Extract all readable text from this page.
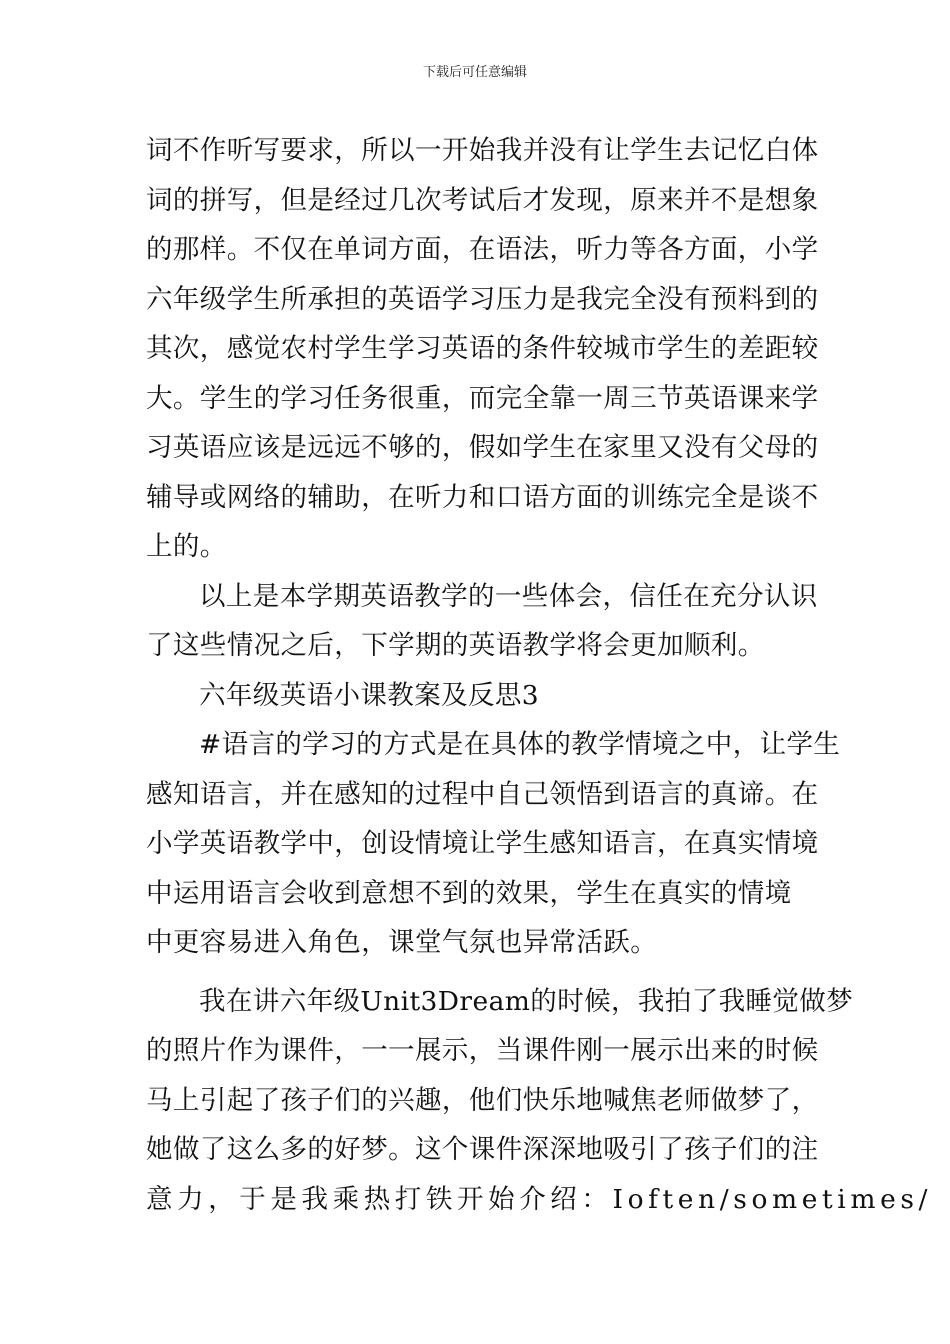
下载后可任意编辑
词不作听写要求，所以一开始我并没有让学生去记忆白体
词的拼写，但是经过几次考试后才发现，原来并不是想象
的那样。不仅在单词方面，在语法，听力等各方面，小学
六年级学生所承担的英语学习压力是我完全没有预料到的
其次，感觉农村学生学习英语的条件较城市学生的差距较
大。学生的学习任务很重，而完全靠一周三节英语课来学
习英语应该是远远不够的，假如学生在家里又没有父母的
辅导或网络的辅助，在听力和口语方面的训练完全是谈不
上的。
以上是本学期英语教学的一些体会，信任在充分认识
了这些情况之后，下学期的英语教学将会更加顺利。
六年级英语小课教案及反思3
#语言的学习的方式是在具体的教学情境之中，让学生
感知语言，并在感知的过程中自己领悟到语言的真谛。在
小学英语教学中，创设情境让学生感知语言，在真实情境
中运用语言会收到意想不到的效果，学生在真实的情境
中更容易进入角色，课堂气氛也异常活跃。
我在讲六年级Unit3Dream的时候，我拍了我睡觉做梦
的照片作为课件，一一展示，当课件刚一展示出来的时候
马上引起了孩子们的兴趣，他们快乐地喊焦老师做梦了，
她做了这么多的好梦。这个课件深深地吸引了孩子们的注
意力，于是我乘热打铁开始介绍：Ioften/sometimes/
